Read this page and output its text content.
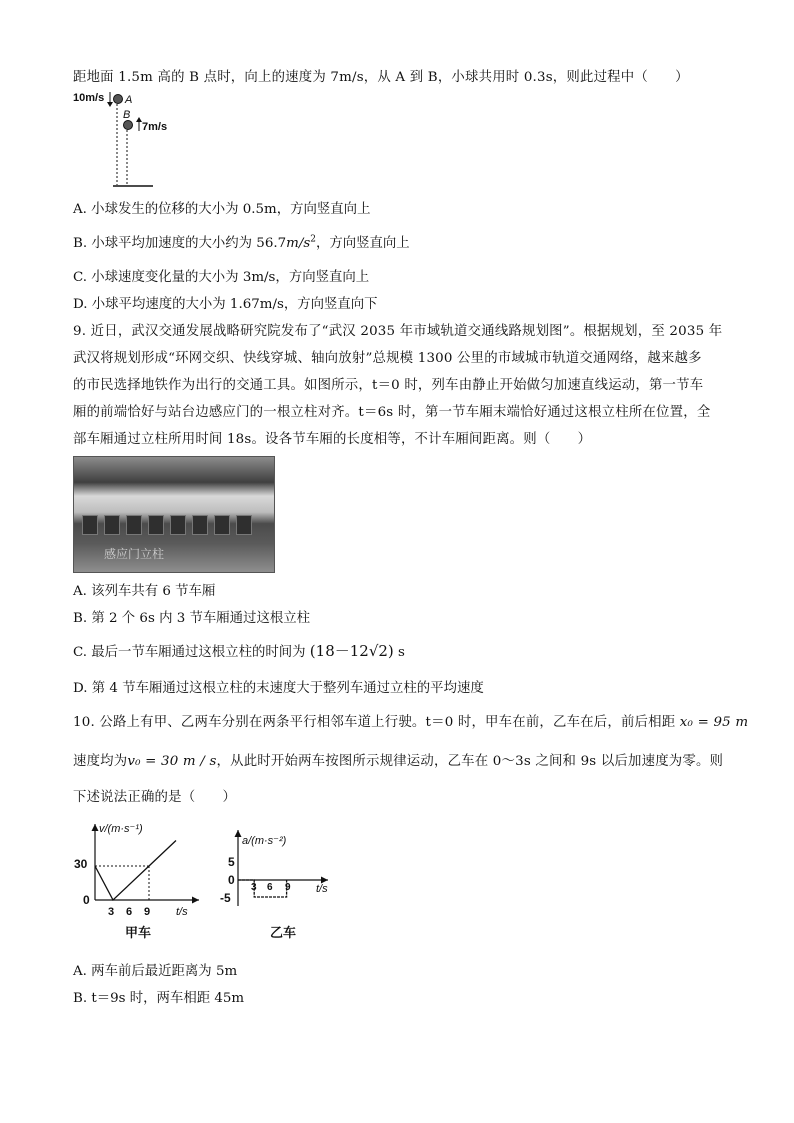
距地面 1.5m 高的 B 点时，向上的速度为 7m/s，从 A 到 B，小球共用时 0.3s，则此过程中（　　）
10m/s A
B
7m/s
A. 小球发生的位移的大小为 0.5m，方向竖直向上
B. 小球平均加速度的大小约为 $56.7m/s^2$，方向竖直向上
C. 小球速度变化量的大小为 3m/s，方向竖直向上
D. 小球平均速度的大小为 1.67m/s，方向竖直向下
9. 近日，武汉交通发展战略研究院发布了“武汉 2035 年市域轨道交通线路规划图”。根据规划，至 2035 年
武汉将规划形成“环网交织、快线穿城、轴向放射”总规模 1300 公里的市域城市轨道交通网络，越来越多
的市民选择地铁作为出行的交通工具。如图所示，t＝0 时，列车由静止开始做匀加速直线运动，第一节车
厢的前端恰好与站台边感应门的一根立柱对齐。t＝6s 时，第一节车厢末端恰好通过这根立柱所在位置，全
部车厢通过立柱所用时间 18s。设各节车厢的长度相等，不计车厢间距离。则（　　）
感应门立柱
A. 该列车共有 6 节车厢
B. 第 2 个 6s 内 3 节车厢通过这根立柱
C. 最后一节车厢通过这根立柱的时间为 (18－12√2) s
D. 第 4 节车厢通过这根立柱的末速度大于整列车通过立柱的平均速度
10. 公路上有甲、乙两车分别在两条平行相邻车道上行驶。t＝0 时，甲车在前，乙车在后，前后相距 x₀ = 95 m
速度均为v₀ = 30 m / s，从此时开始两车按图所示规律运动，乙车在 0～3s 之间和 9s 以后加速度为零。则
下述说法正确的是（　　）
v/(m·s⁻¹)
t/s
30
0
3 6 9
甲车
a/(m·s⁻²)
t/s
5
0
-5
3 6 9
乙车
A. 两车前后最近距离为 5m
B. t＝9s 时，两车相距 45m
